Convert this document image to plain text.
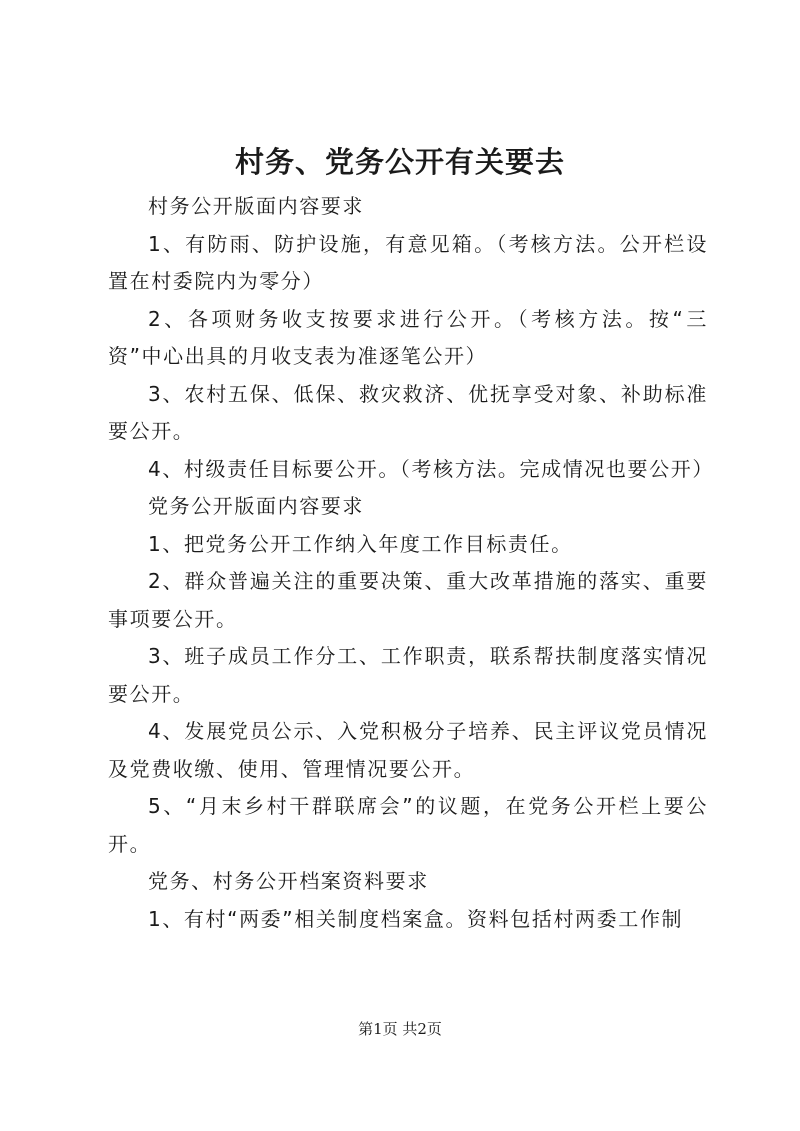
村务、党务公开有关要去

村务公开版面内容要求

1、有防雨、防护设施，有意见箱。（考核方法。公开栏设置在村委院内为零分）

2、各项财务收支按要求进行公开。（考核方法。按“三资”中心出具的月收支表为准逐笔公开）

3、农村五保、低保、救灾救济、优抚享受对象、补助标准要公开。

4、村级责任目标要公开。（考核方法。完成情况也要公开）

党务公开版面内容要求

1、把党务公开工作纳入年度工作目标责任。

2、群众普遍关注的重要决策、重大改革措施的落实、重要事项要公开。

3、班子成员工作分工、工作职责，联系帮扶制度落实情况要公开。

4、发展党员公示、入党积极分子培养、民主评议党员情况及党费收缴、使用、管理情况要公开。

5、“月末乡村干群联席会”的议题，在党务公开栏上要公开。

党务、村务公开档案资料要求

1、有村“两委”相关制度档案盒。资料包括村两委工作制

第1页 共2页
